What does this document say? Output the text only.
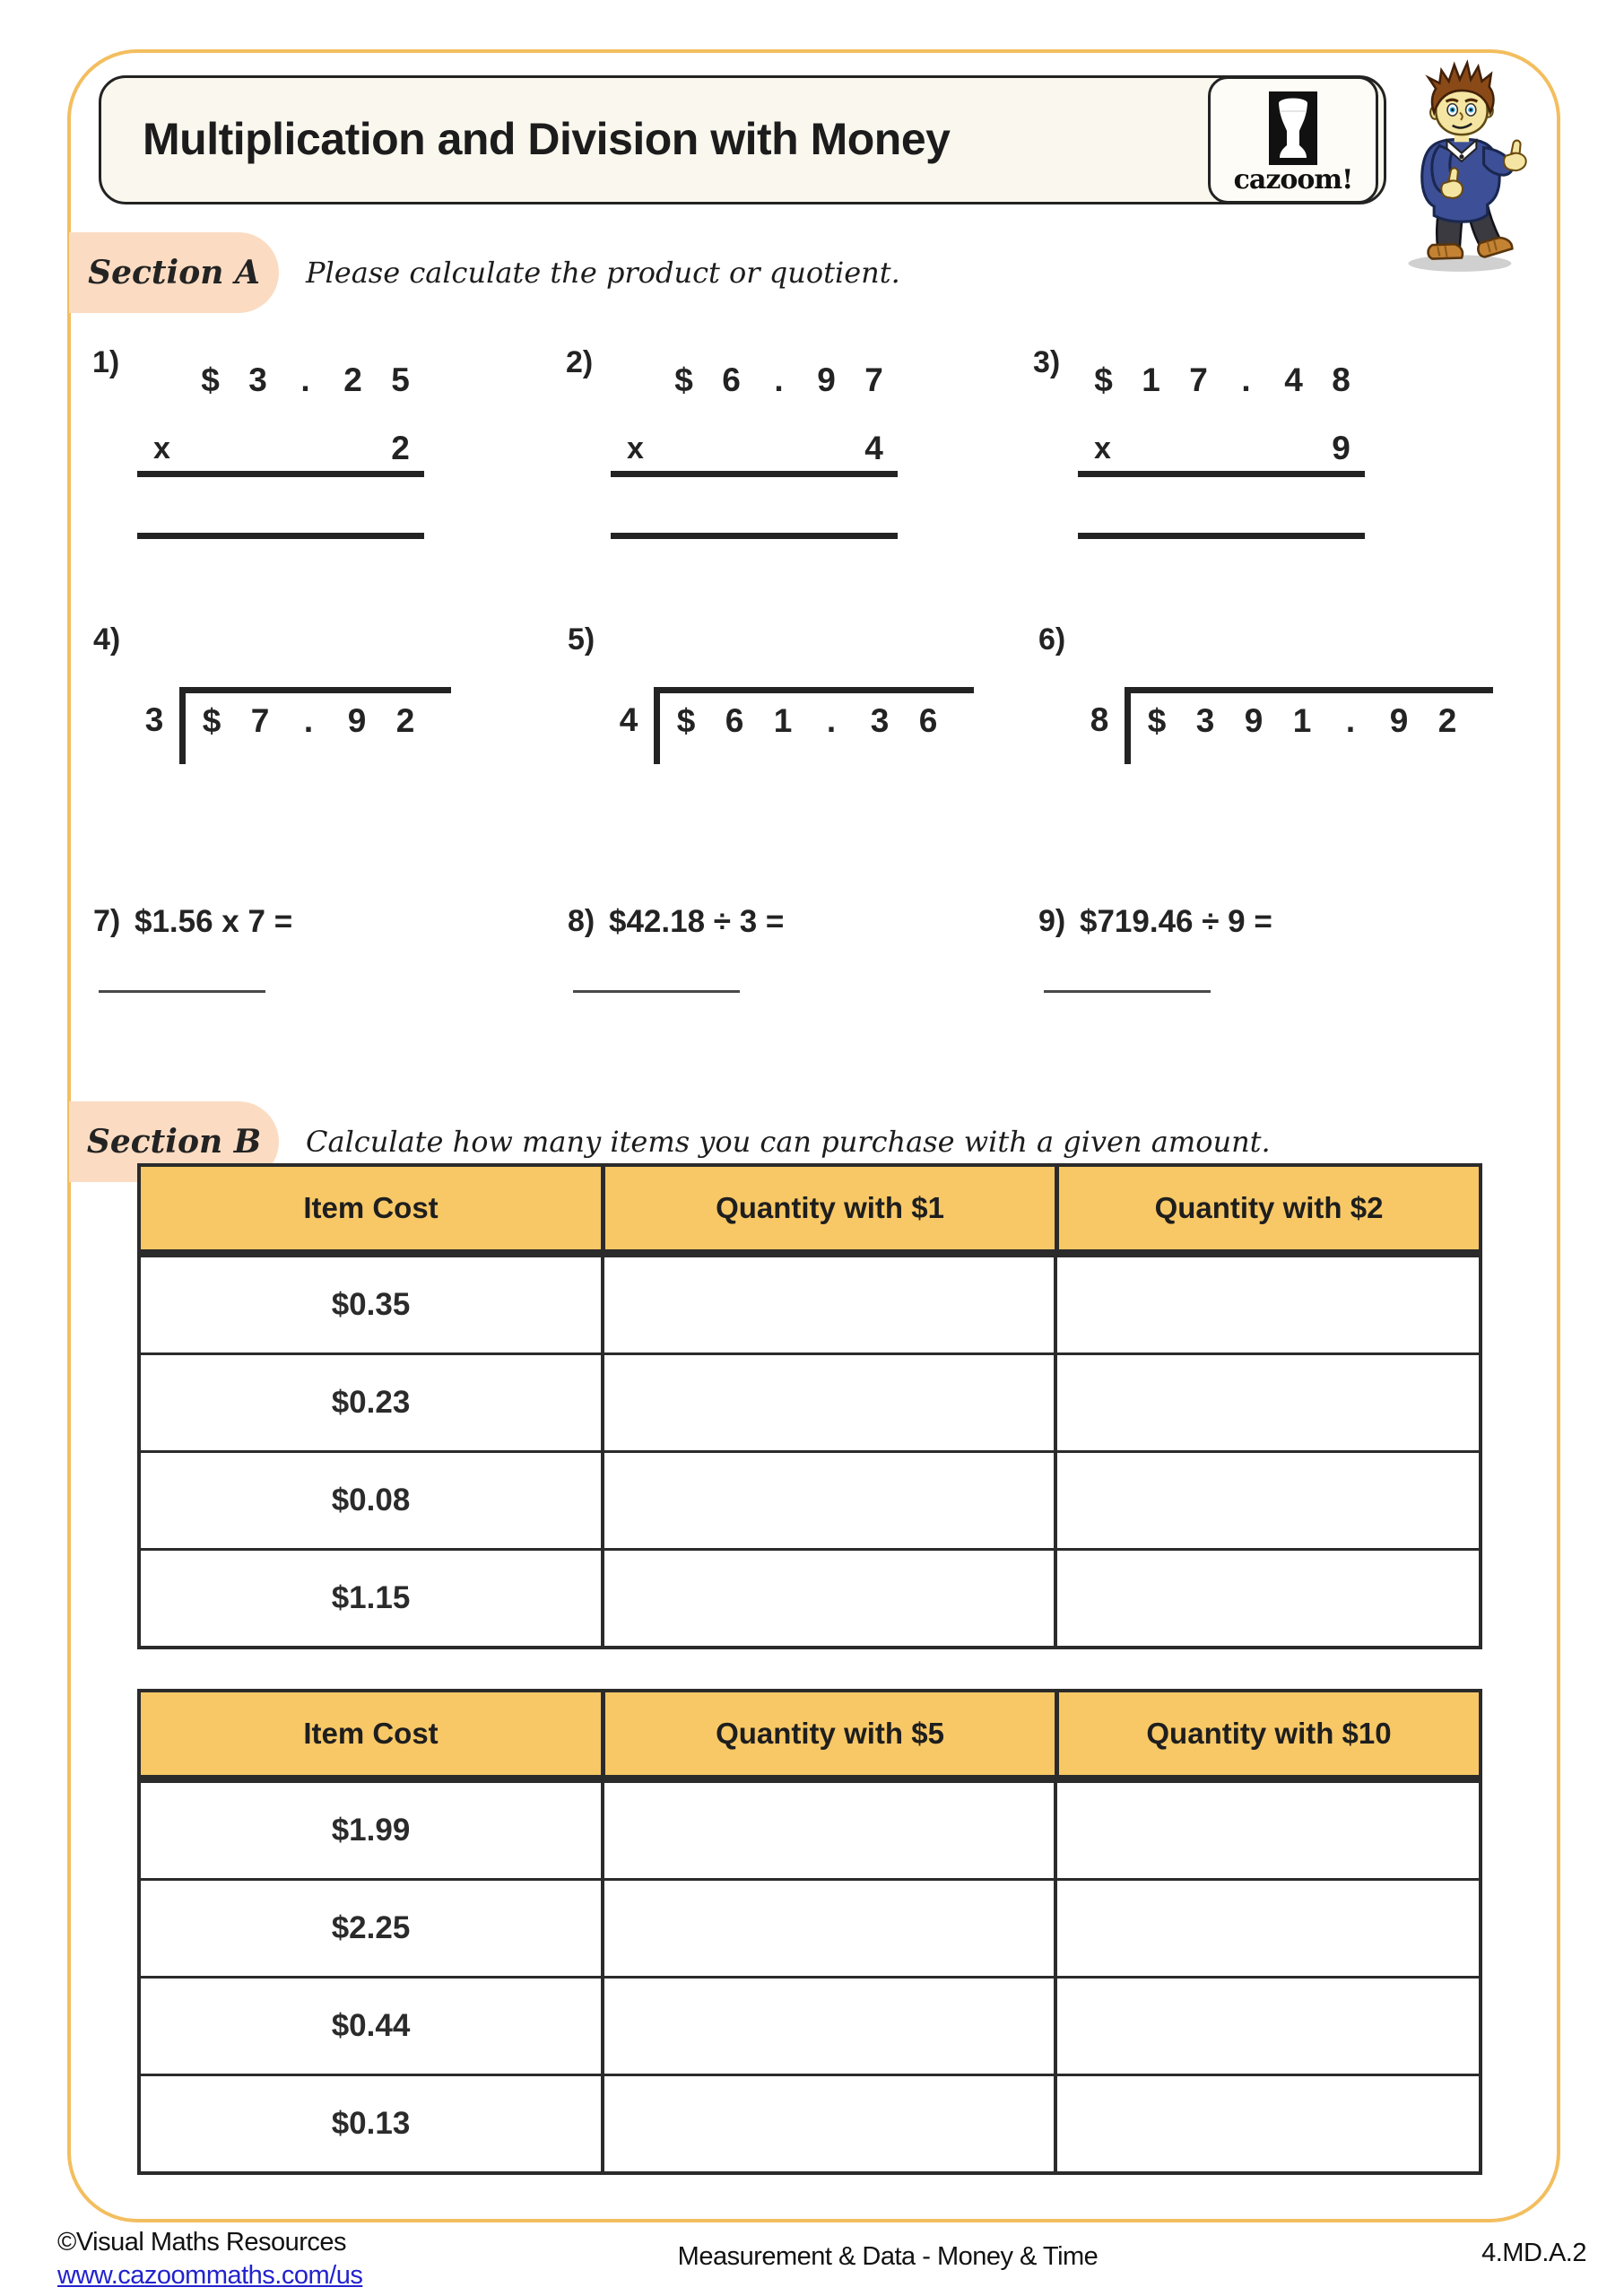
Multiplication and Division with Money
cazoom!
Section A	Please calculate the product or quotient.
1)	$ 3	.	2 5
x	2
2)	$ 6	.	9 7
x	4
3)	$ 1 7	.	4 8
x	9
4)
3	$ 7	.	9 2
5)
4	$ 6 1	.	3 6
6)
8	$ 3 9 1	.	9 2
7) $1.56 x 7 =	8) $42.18 ÷ 3 =	9) $719.46 ÷ 9 =
Section B	Calculate how many items you can purchase with a given amount.
Item Cost	Quantity with $1	Quantity with $2
$0.35
$0.23
$0.08
$1.15
Item Cost	Quantity with $5	Quantity with $10
$1.99
$2.25
$0.44
$0.13
©Visual Maths Resources
www.cazoommaths.com/us
Measurement & Data - Money & Time	4.MD.A.2
